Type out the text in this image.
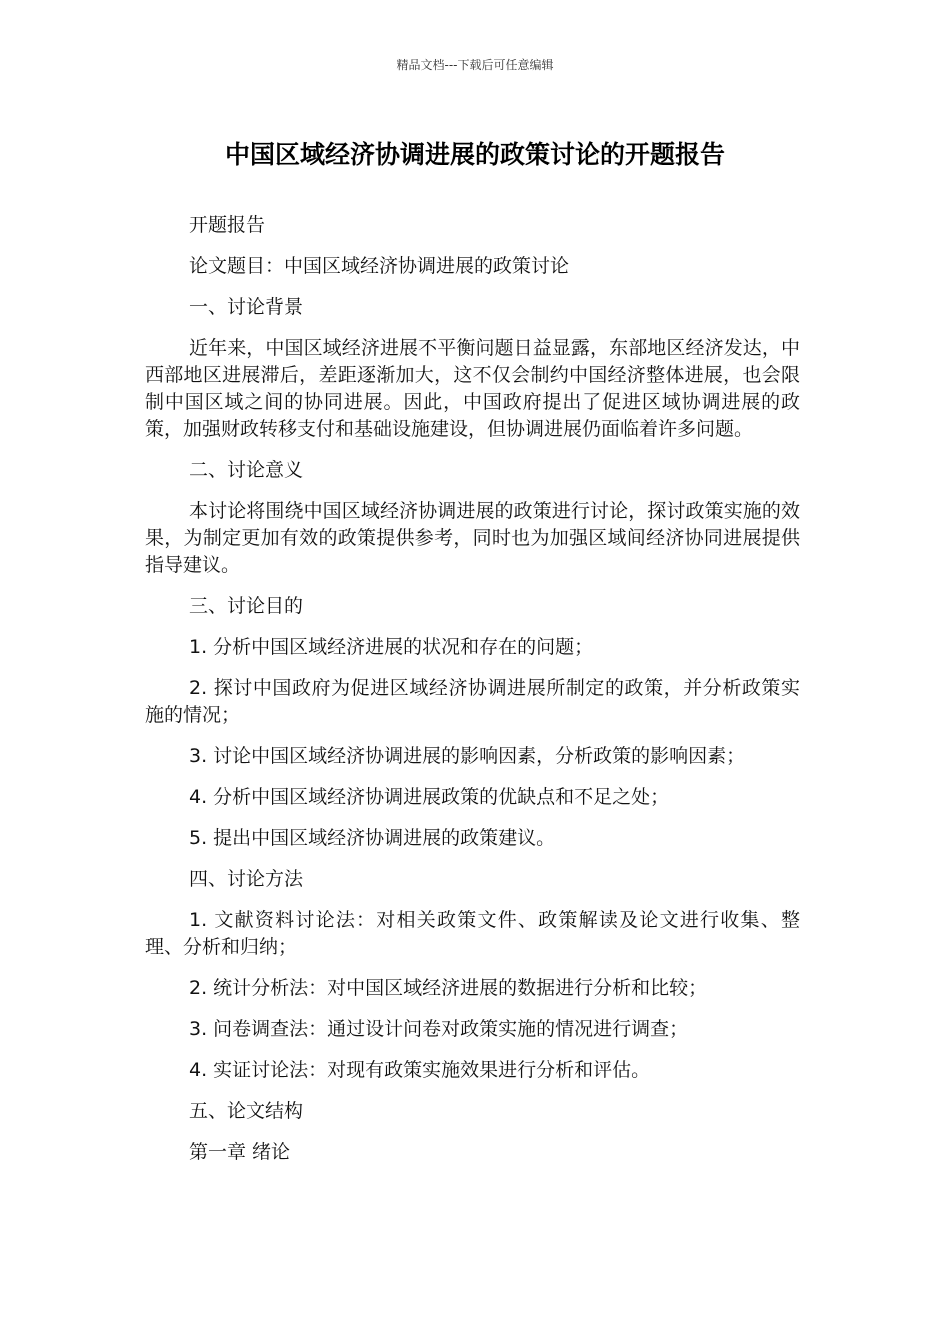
精品文档---下载后可任意编辑
中国区域经济协调进展的政策讨论的开题报告

开题报告

论文题目：中国区域经济协调进展的政策讨论

一、讨论背景

近年来，中国区域经济进展不平衡问题日益显露，东部地区经济发达，中西部地区进展滞后，差距逐渐加大，这不仅会制约中国经济整体进展，也会限制中国区域之间的协同进展。因此，中国政府提出了促进区域协调进展的政策，加强财政转移支付和基础设施建设，但协调进展仍面临着许多问题。

二、讨论意义

本讨论将围绕中国区域经济协调进展的政策进行讨论，探讨政策实施的效果，为制定更加有效的政策提供参考，同时也为加强区域间经济协同进展提供指导建议。

三、讨论目的

1. 分析中国区域经济进展的状况和存在的问题；

2. 探讨中国政府为促进区域经济协调进展所制定的政策，并分析政策实施的情况；

3. 讨论中国区域经济协调进展的影响因素，分析政策的影响因素；

4. 分析中国区域经济协调进展政策的优缺点和不足之处；

5. 提出中国区域经济协调进展的政策建议。

四、讨论方法

1. 文献资料讨论法：对相关政策文件、政策解读及论文进行收集、整理、分析和归纳；

2. 统计分析法：对中国区域经济进展的数据进行分析和比较；

3. 问卷调查法：通过设计问卷对政策实施的情况进行调查；

4. 实证讨论法：对现有政策实施效果进行分析和评估。

五、论文结构

第一章 绪论
